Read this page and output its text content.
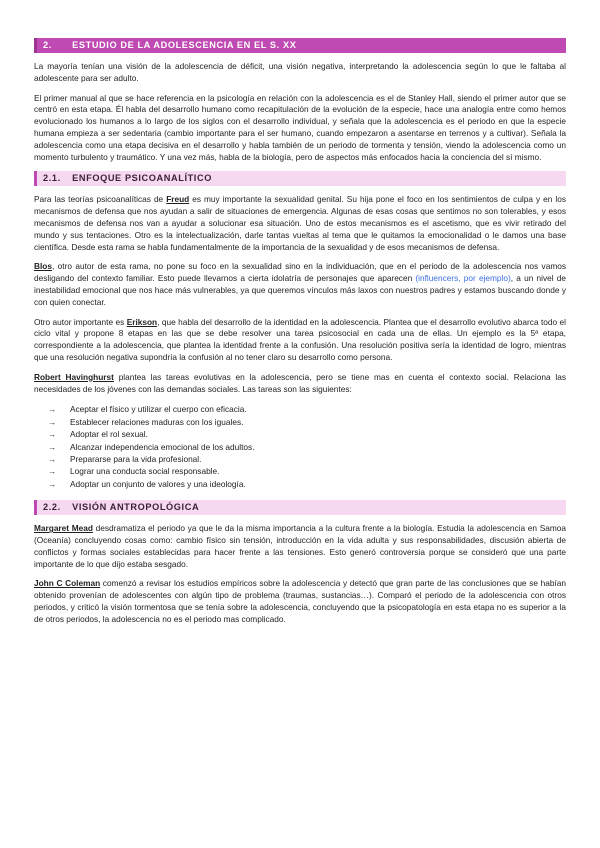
2. ESTUDIO DE LA ADOLESCENCIA EN EL S. XX

La mayoría tenían una visión de la adolescencia de déficit, una visión negativa, interpretando la adolescencia según lo que le faltaba al adolescente para ser adulto.

El primer manual al que se hace referencia en la psicología en relación con la adolescencia es el de Stanley Hall, siendo el primer autor que se centró en esta etapa. Él habla del desarrollo humano como recapitulación de la evolución de la especie, hace una analogía entre como hemos evolucionado los humanos a lo largo de los siglos con el desarrollo individual, y señala que la adolescencia es el periodo en que la especie humana empieza a ser sedentaria (cambio importante para el ser humano, cuando empezaron a asentarse en terrenos y a cultivar). Señala la adolescencia como una etapa decisiva en el desarrollo y habla también de un periodo de tormenta y tensión, viendo la adolescencia como un momento turbulento y traumático. Y una vez más, habla de la biología, pero de aspectos más enfocados hacia la conciencia del sí mismo.

2.1. ENFOQUE PSICOANALÍTICO

Para las teorías psicoanalíticas de Freud es muy importante la sexualidad genital. Su hija pone el foco en los sentimientos de culpa y en los mecanismos de defensa que nos ayudan a salir de situaciones de emergencia. Algunas de esas cosas que sentimos no son tolerables, y esos mecanismos de defensa nos van a ayudar a solucionar esa situación. Uno de estos mecanismos es el ascetismo, que es vivir retirado del mundo y sus tentaciones. Otro es la intelectualización, darle tantas vueltas al tema que le quitamos la emocionalidad o le damos una base científica. Desde esta rama se habla fundamentalmente de la importancia de la sexualidad y de esos mecanismos de defensa.

Blos, otro autor de esta rama, no pone su foco en la sexualidad sino en la individuación, que en el periodo de la adolescencia nos vamos desligando del contexto familiar. Esto puede llevarnos a cierta idolatría de personajes que aparecen (influencers, por ejemplo), a un nivel de inestabilidad emocional que nos hace más vulnerables, ya que queremos vínculos más laxos con nuestros padres y estamos buscando donde y con quien conectar.

Otro autor importante es Erikson, que habla del desarrollo de la identidad en la adolescencia. Plantea que el desarrollo evolutivo abarca todo el ciclo vital y propone 8 etapas en las que se debe resolver una tarea psicosocial en cada una de ellas. Un ejemplo es la 5ª etapa, correspondiente a la adolescencia, que plantea la identidad frente a la confusión. Una resolución positiva sería la identidad de logro, mientras que una resolución negativa supondría la confusión al no tener claro su desarrollo como persona.

Robert Havinghurst plantea las tareas evolutivas en la adolescencia, pero se tiene mas en cuenta el contexto social. Relaciona las necesidades de los jóvenes con las demandas sociales. Las tareas son las siguientes:

→ Aceptar el físico y utilizar el cuerpo con eficacia.
→ Establecer relaciones maduras con los iguales.
→ Adoptar el rol sexual.
→ Alcanzar independencia emocional de los adultos.
→ Prepararse para la vida profesional.
→ Lograr una conducta social responsable.
→ Adoptar un conjunto de valores y una ideología.
2.2. VISIÓN ANTROPOLÓGICA

Margaret Mead desdramatiza el periodo ya que le da la misma importancia a la cultura frente a la biología. Estudia la adolescencia en Samoa (Oceanía) concluyendo cosas como: cambio físico sin tensión, introducción en la vida adulta y sus responsabilidades, discusión abierta de conflictos y formas sociales establecidas para hacer frente a las tensiones. Esto generó controversia porque se consideró que una parte importante de lo que dijo estaba sesgado.

John C Coleman comenzó a revisar los estudios empíricos sobre la adolescencia y detectó que gran parte de las conclusiones que se habían obtenido provenían de adolescentes con algún tipo de problema (traumas, sustancias…). Comparó el periodo de la adolescencia con otros periodos, y criticó la visión tormentosa que se tenía sobre la adolescencia, concluyendo que la psicopatología en esta etapa no es superior a la de otros periodos, la adolescencia no es el periodo mas complicado.
